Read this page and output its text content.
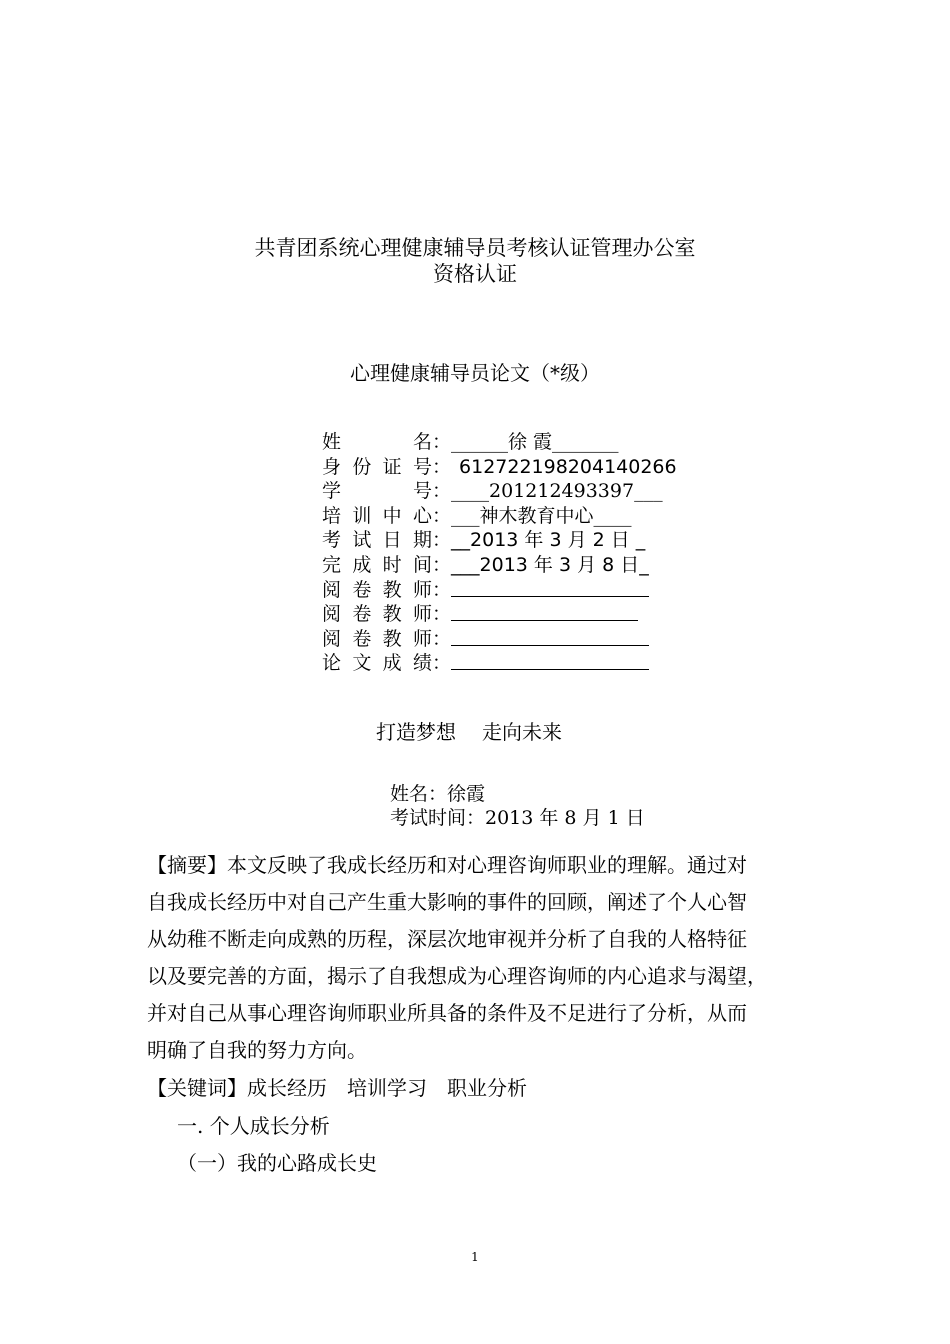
共青团系统心理健康辅导员考核认证管理办公室
资格认证
心理健康辅导员论文（*级）
姓名 ： ______徐 霞_______
身份证号 ： 612722198204140266
学号 ： ____201212493397___
培训中心 ： ___神木教育中心____
考试日期 ： __2013 年 3 月 2 日 _
完成时间 ： ___2013 年 3 月 8 日_
阅卷教师 ：
阅卷教师 ：
阅卷教师 ：
论文成绩 ：
打造梦想 走向未来
姓名：徐霞
考试时间：2013 年 8 月 1 日

【摘要】本文反映了我成长经历和对心理咨询师职业的理解。通过对

自我成长经历中对自己产生重大影响的事件的回顾，阐述了个人心智

从幼稚不断走向成熟的历程，深层次地审视并分析了自我的人格特征

以及要完善的方面，揭示了自我想成为心理咨询师的内心追求与渴望，

并对自己从事心理咨询师职业所具备的条件及不足进行了分析，从而

明确了自我的努力方向。

【关键词】成长经历　培训学习　职业分析
一. 个人成长分析
（一）我的心路成长史
1
